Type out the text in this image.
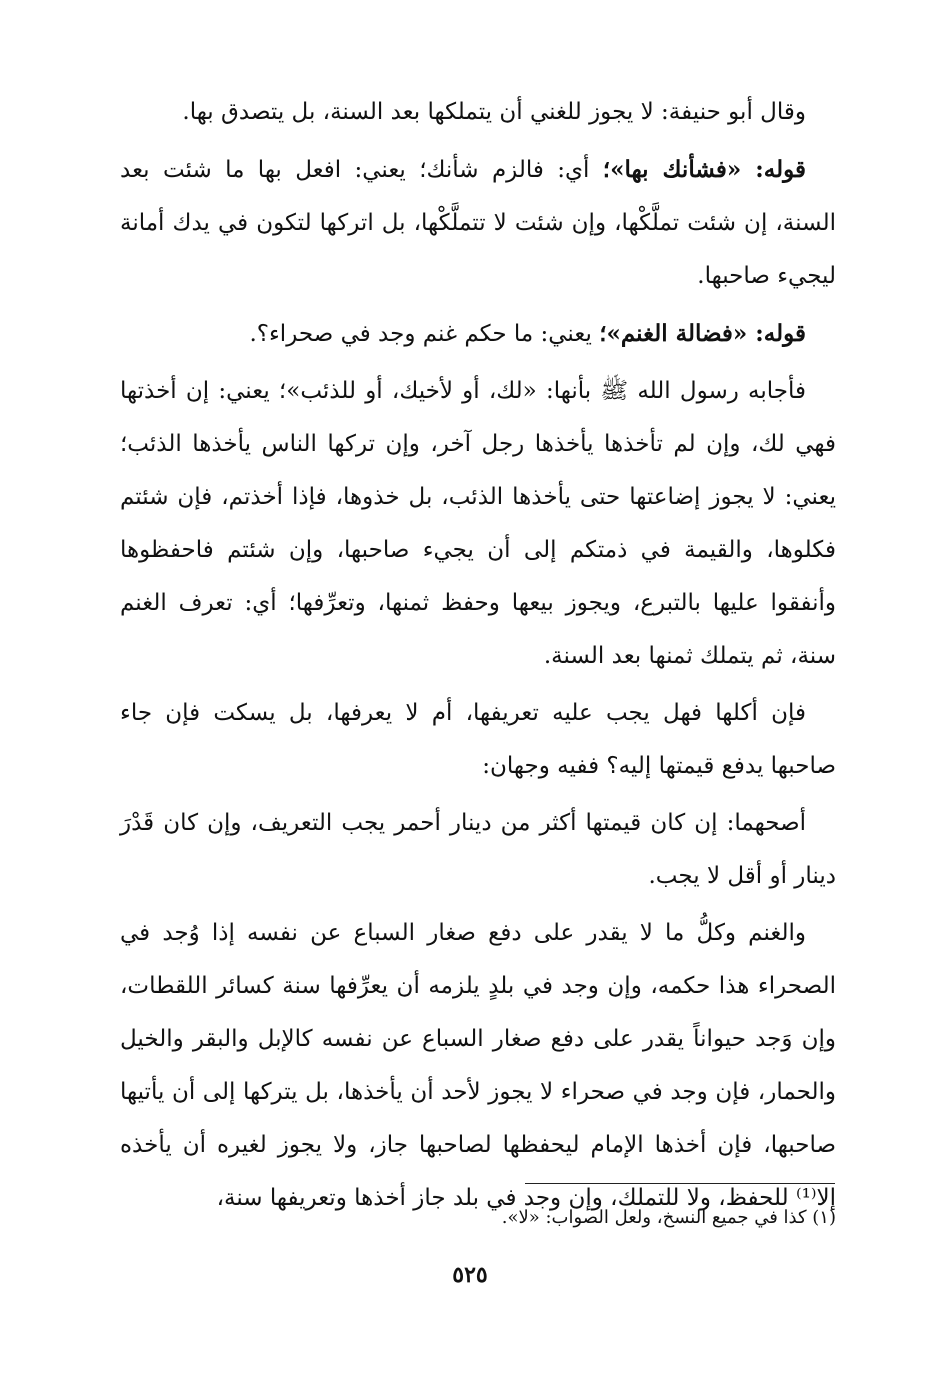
وقال أبو حنيفة: لا يجوز للغني أن يتملكها بعد السنة، بل يتصدق بها.
قوله: «فشأنك بها»؛ أي: فالزم شأنك؛ يعني: افعل بها ما شئت بعد السنة، إن شئت تملَّكْها، وإن شئت لا تتملَّكْها، بل اتركها لتكون في يدك أمانة ليجيء صاحبها.
قوله: «فضالة الغنم»؛ يعني: ما حكم غنم وجد في صحراء؟.
فأجابه رسول الله ﷺ بأنها: «لك، أو لأخيك، أو للذئب»؛ يعني: إن أخذتها فهي لك، وإن لم تأخذها يأخذها رجل آخر، وإن تركها الناس يأخذها الذئب؛ يعني: لا يجوز إضاعتها حتى يأخذها الذئب، بل خذوها، فإذا أخذتم، فإن شئتم فكلوها، والقيمة في ذمتكم إلى أن يجيء صاحبها، وإن شئتم فاحفظوها وأنفقوا عليها بالتبرع، ويجوز بيعها وحفظ ثمنها، وتعرِّفها؛ أي: تعرف الغنم سنة، ثم يتملك ثمنها بعد السنة.
فإن أكلها فهل يجب عليه تعريفها، أم لا يعرفها، بل يسكت فإن جاء صاحبها يدفع قيمتها إليه؟ ففيه وجهان:
أصحهما: إن كان قيمتها أكثر من دينار أحمر يجب التعريف، وإن كان قَدْرَ دينار أو أقل لا يجب.
والغنم وكلُّ ما لا يقدر على دفع صغار السباع عن نفسه إذا وُجد في الصحراء هذا حكمه، وإن وجد في بلدٍ يلزمه أن يعرِّفها سنة كسائر اللقطات، وإن وَجد حيواناً يقدر على دفع صغار السباع عن نفسه كالإبل والبقر والخيل والحمار، فإن وجد في صحراء لا يجوز لأحد أن يأخذها، بل يتركها إلى أن يأتيها صاحبها، فإن أخذها الإمام ليحفظها لصاحبها جاز، ولا يجوز لغيره أن يأخذه إلا⁽¹⁾ للحفظ، ولا للتملك، وإن وجد في بلد جاز أخذها وتعريفها سنة،
(١) كذا في جميع النسخ، ولعل الصواب: «لا».
٥٢٥
